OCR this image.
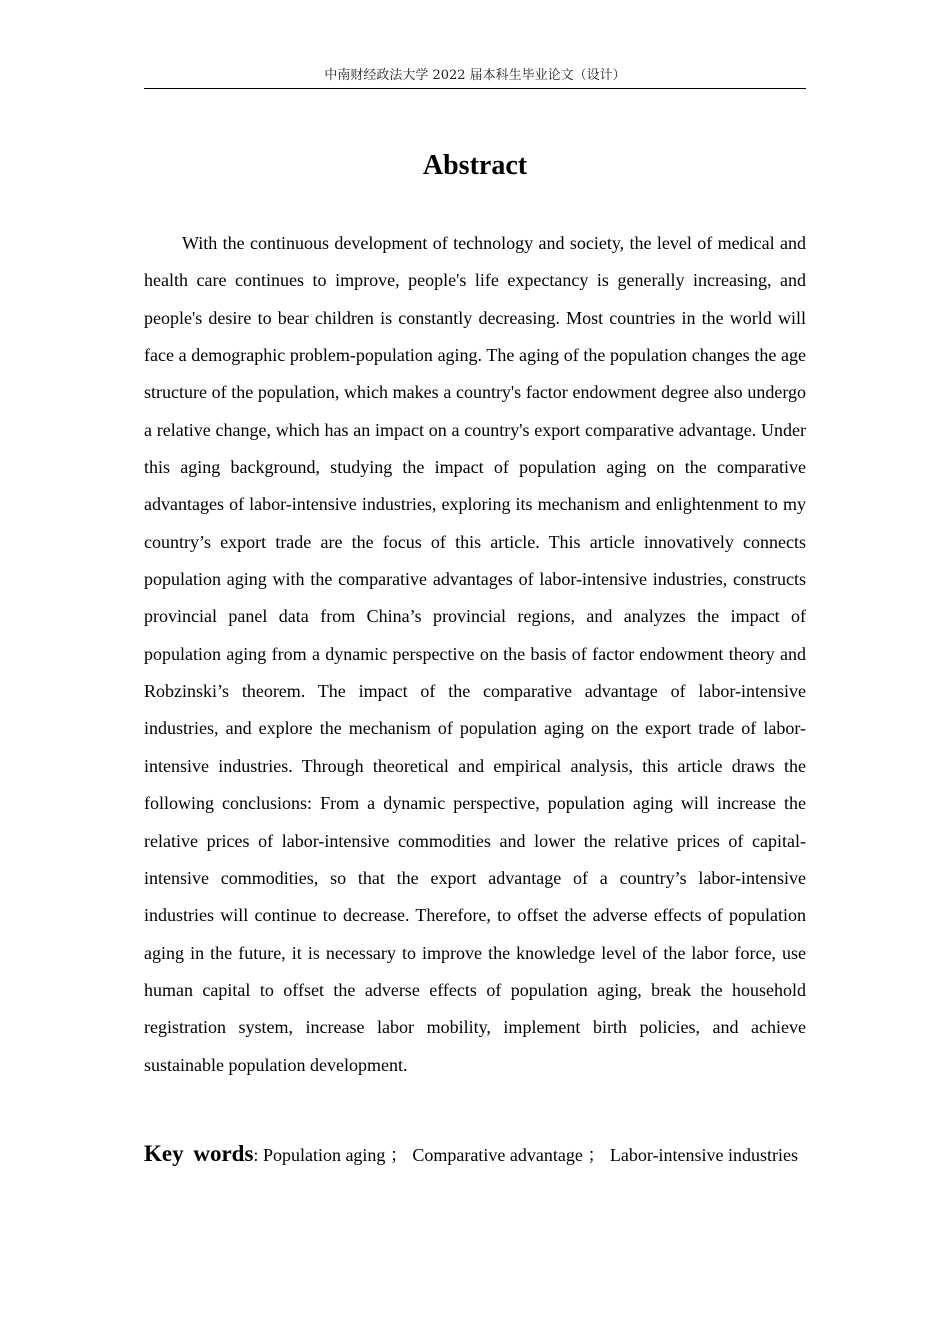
中南财经政法大学 2022 届本科生毕业论文（设计）
Abstract

With the continuous development of technology and society, the level of medical and health care continues to improve, people's life expectancy is generally increasing, and people's desire to bear children is constantly decreasing. Most countries in the world will face a demographic problem-population aging. The aging of the population changes the age structure of the population, which makes a country's factor endowment degree also undergo a relative change, which has an impact on a country's export comparative advantage. Under this aging background, studying the impact of population aging on the comparative advantages of labor-intensive industries, exploring its mechanism and enlightenment to my country’s export trade are the focus of this article. This article innovatively connects population aging with the comparative advantages of labor-intensive industries, constructs provincial panel data from China’s provincial regions, and analyzes the impact of population aging from a dynamic perspective on the basis of factor endowment theory and Robzinski’s theorem. The impact of the comparative advantage of labor-intensive industries, and explore the mechanism of population aging on the export trade of labor-intensive industries. Through theoretical and empirical analysis, this article draws the following conclusions: From a dynamic perspective, population aging will increase the relative prices of labor-intensive commodities and lower the relative prices of capital-intensive commodities, so that the export advantage of a country’s labor-intensive industries will continue to decrease. Therefore, to offset the adverse effects of population aging in the future, it is necessary to improve the knowledge level of the labor force, use human capital to offset the adverse effects of population aging, break the household registration system, increase labor mobility, implement birth policies, and achieve sustainable population development.

Key words: Population aging ； Comparative advantage ； Labor-intensive industries
